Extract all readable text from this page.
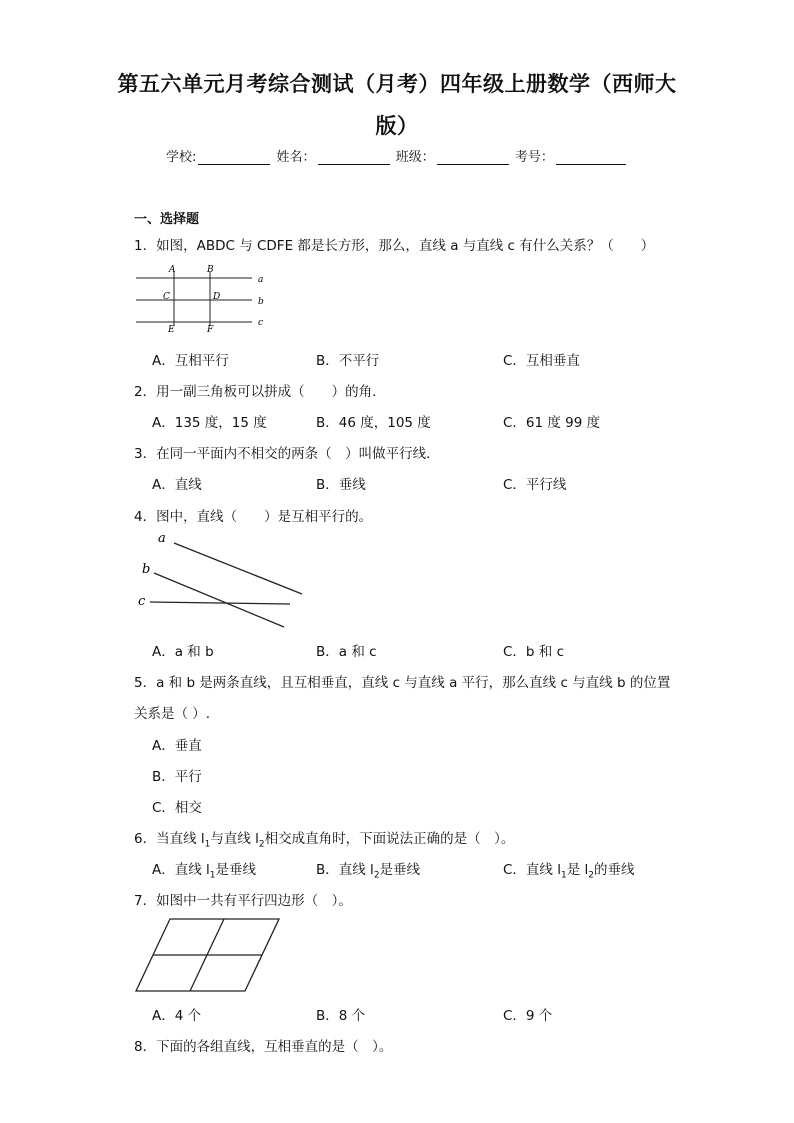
第五六单元月考综合测试（月考）四年级上册数学（西师大
版）
学校:	姓名：	班级：	考号：
一、选择题
1．如图，ABDC 与 CDFE 都是长方形，那么，直线 a 与直线 c 有什么关系？（　　）
A	B
C	D
E	F
a
b
c
A．互相平行	B．不平行	C．互相垂直
2．用一副三角板可以拼成（　　）的角．
A．135 度，15 度	B．46 度，105 度	C．61 度 99 度
3．在同一平面内不相交的两条（　）叫做平行线．
A．直线	B．垂线	C．平行线
4．图中，直线（　　）是互相平行的。
a
b
c
A．a 和 b	B．a 和 c	C．b 和 c
5．a 和 b 是两条直线，且互相垂直，直线 c 与直线 a 平行，那么直线 c 与直线 b 的位置
关系是（ ）.
A．垂直
B．平行
C．相交
6．当直线 $l_1$与直线 $l_2$相交成直角时，下面说法正确的是（　）。
A．直线 $l_1$是垂线	B．直线 $l_2$是垂线	C．直线 $l_1$是 $l_2$的垂线
7．如图中一共有平行四边形（　）。
A．4 个	B．8 个	C．9 个
8．下面的各组直线，互相垂直的是（　）。
